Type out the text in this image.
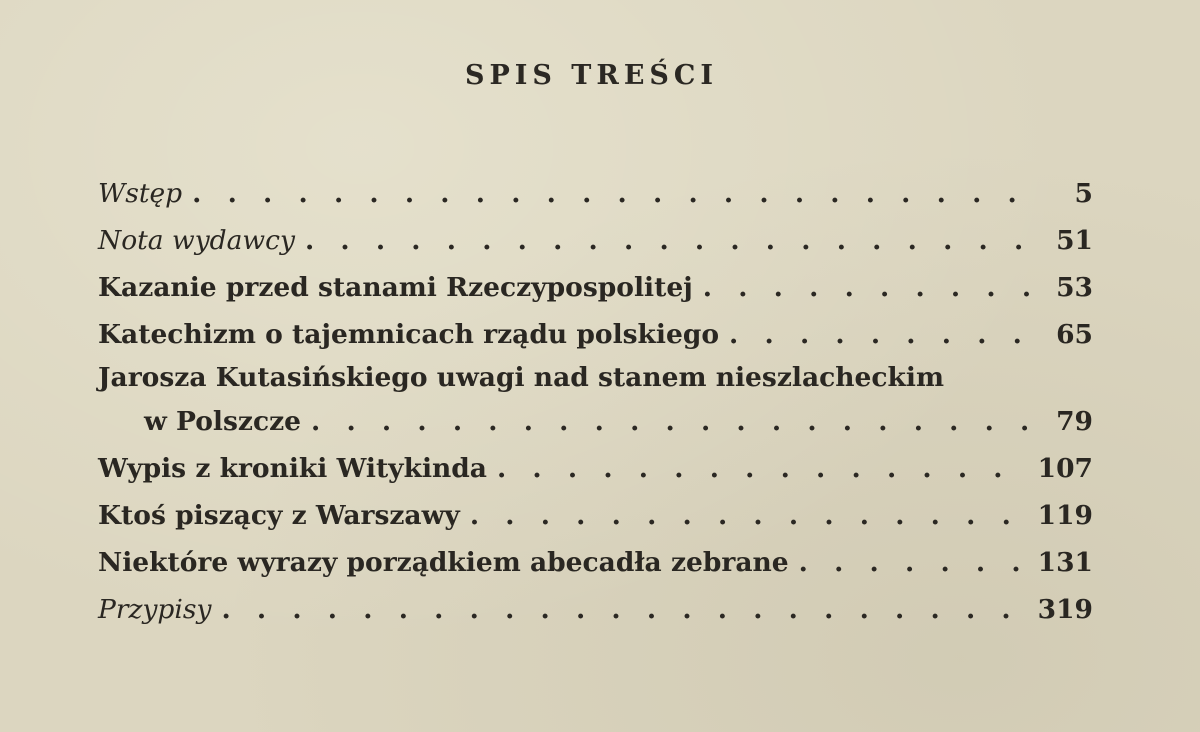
SPIS TREŚCI
Wstęp . . .	5
Nota wydawcy . . .	51
Kazanie przed stanami Rzeczypospolitej . . .	53
Katechizm o tajemnicach rządu polskiego . . .	65
Jarosza Kutasińskiego uwagi nad stanem nieszlacheckim
w Polszcze . . .	79
Wypis z kroniki Witykinda . . .	107
Ktoś piszący z Warszawy . . .	119
Niektóre wyrazy porządkiem abecadła zebrane . . .	131
Przypisy . . .	319
